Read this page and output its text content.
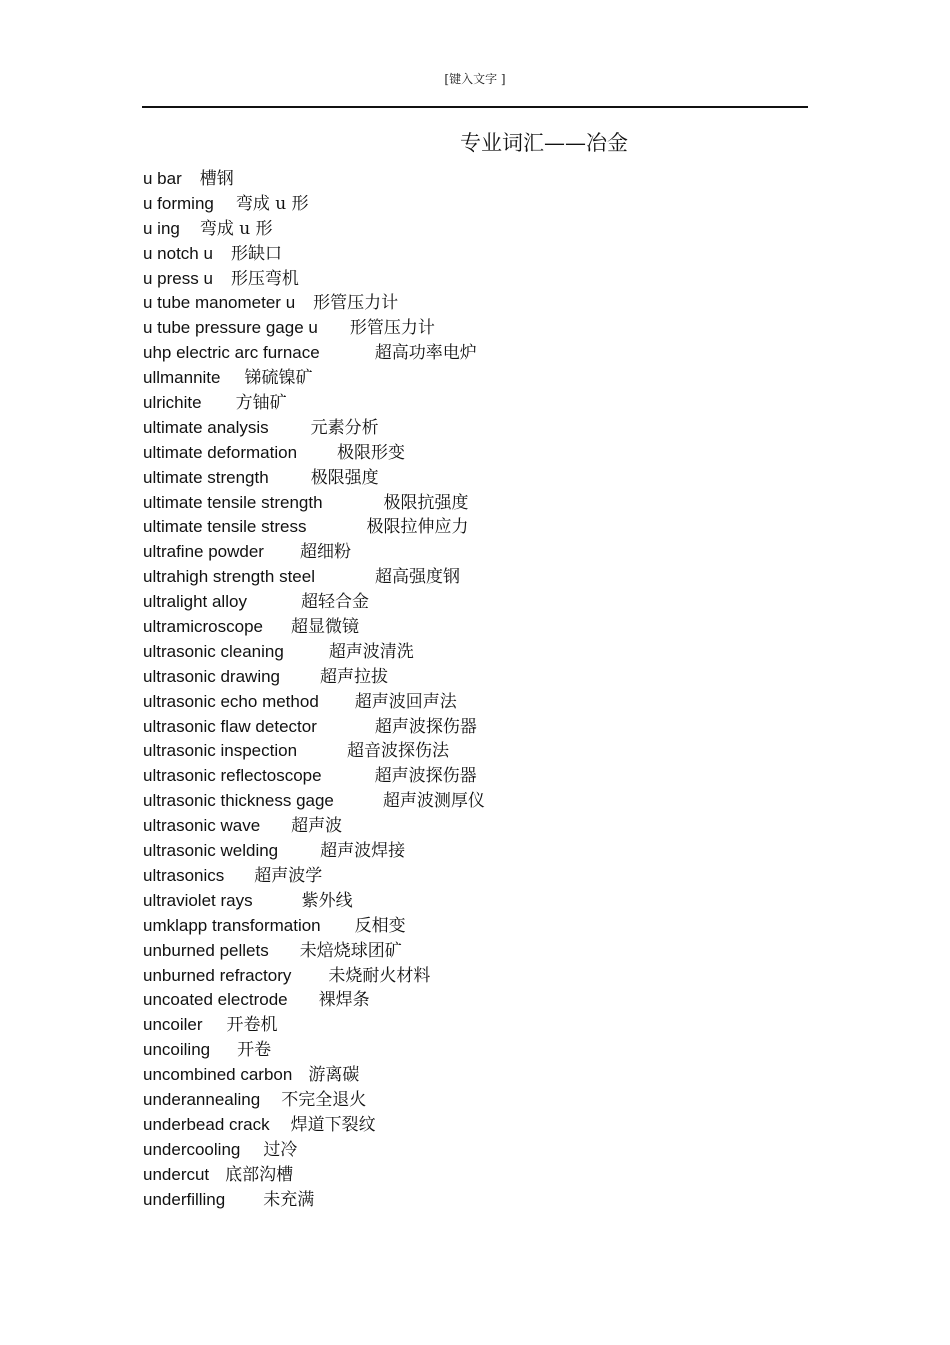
[键入文字 ]
专业词汇——冶金
u bar 槽钢
u forming 弯成 u 形
u ing 弯成 u 形
u notch u 形缺口
u press u 形压弯机
u tube manometer u 形管压力计
u tube pressure gage u 形管压力计
uhp electric arc furnace	超高功率电炉
ullmannite 锑硫镍矿
ulrichite 方铀矿
ultimate analysis 元素分析
ultimate deformation 极限形变
ultimate strength 极限强度
ultimate tensile strength	极限抗强度
ultimate tensile stress	极限拉伸应力
ultrafine powder 超细粉
ultrahigh strength steel	超高强度钢
ultralight alloy	超轻合金
ultramicroscope 超显微镜
ultrasonic cleaning	超声波清洗
ultrasonic drawing 超声拉拔
ultrasonic echo method 超声波回声法
ultrasonic flaw detector	超声波探伤器
ultrasonic inspection	超音波探伤法
ultrasonic reflectoscope	超声波探伤器
ultrasonic thickness gage	超声波测厚仪
ultrasonic wave 超声波
ultrasonic welding 超声波焊接
ultrasonics 超声波学
ultraviolet rays	紫外线
umklapp transformation 反相变
unburned pellets 未焙烧球团矿
unburned refractory 未烧耐火材料
uncoated electrode 裸焊条
uncoiler 开卷机
uncoiling 开卷
uncombined carbon 游离碳
underannealing 不完全退火
underbead crack 焊道下裂纹
undercooling 过冷
undercut 底部沟槽
underfilling 未充满
